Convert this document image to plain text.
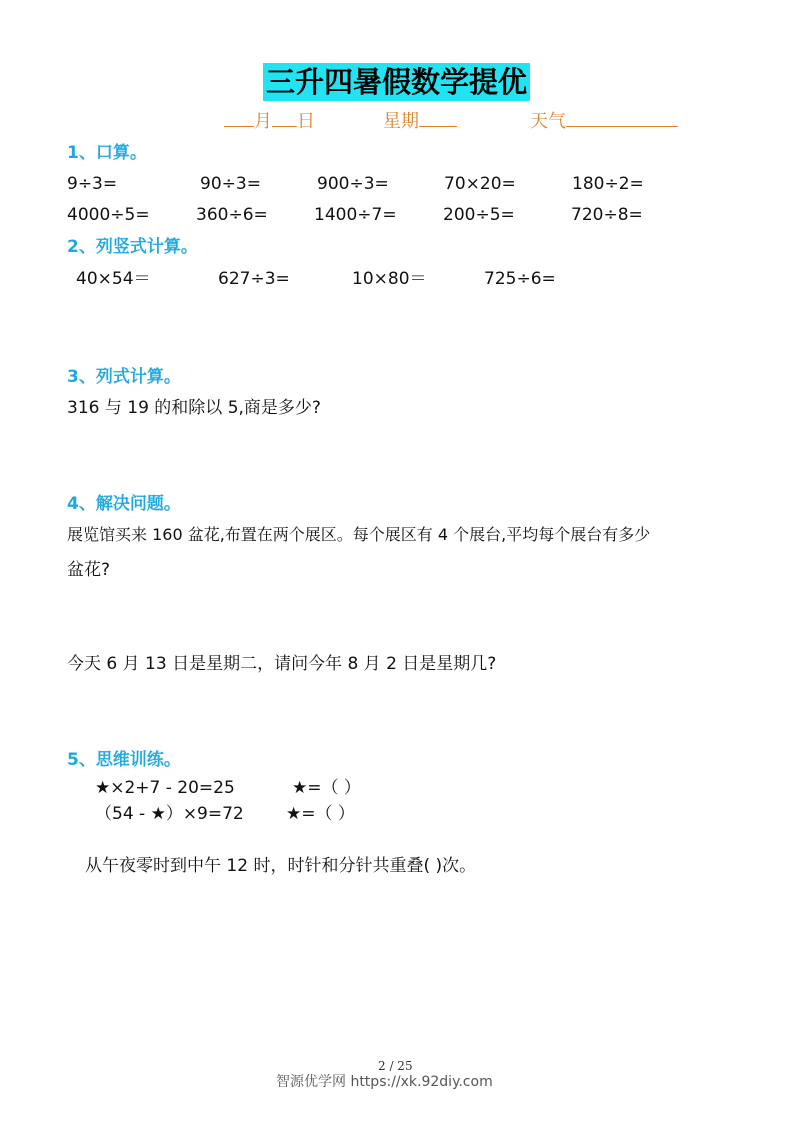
三升四暑假数学提优
月 日	星期	天气
1、口算。
9÷3=	90÷3=	900÷3=	70×20=	180÷2=
4000÷5=	360÷6=	1400÷7=	200÷5=	720÷8=
2、列竖式计算。
40×54＝	627÷3=	10×80＝	725÷6=
3、列式计算。
316 与 19 的和除以 5,商是多少?
4、解决问题。
展览馆买来 160 盆花,布置在两个展区。每个展区有 4 个展台,平均每个展台有多少
盆花?
今天 6 月 13 日是星期二，请问今年 8 月 2 日是星期几?
5、思维训练。
★×2+7 - 20=25	★=（ ）
（54 - ★）×9=72 ★=（ ）
从午夜零时到中午 12 时，时针和分针共重叠( )次。
2 / 25
智源优学网 https://xk.92diy.com
